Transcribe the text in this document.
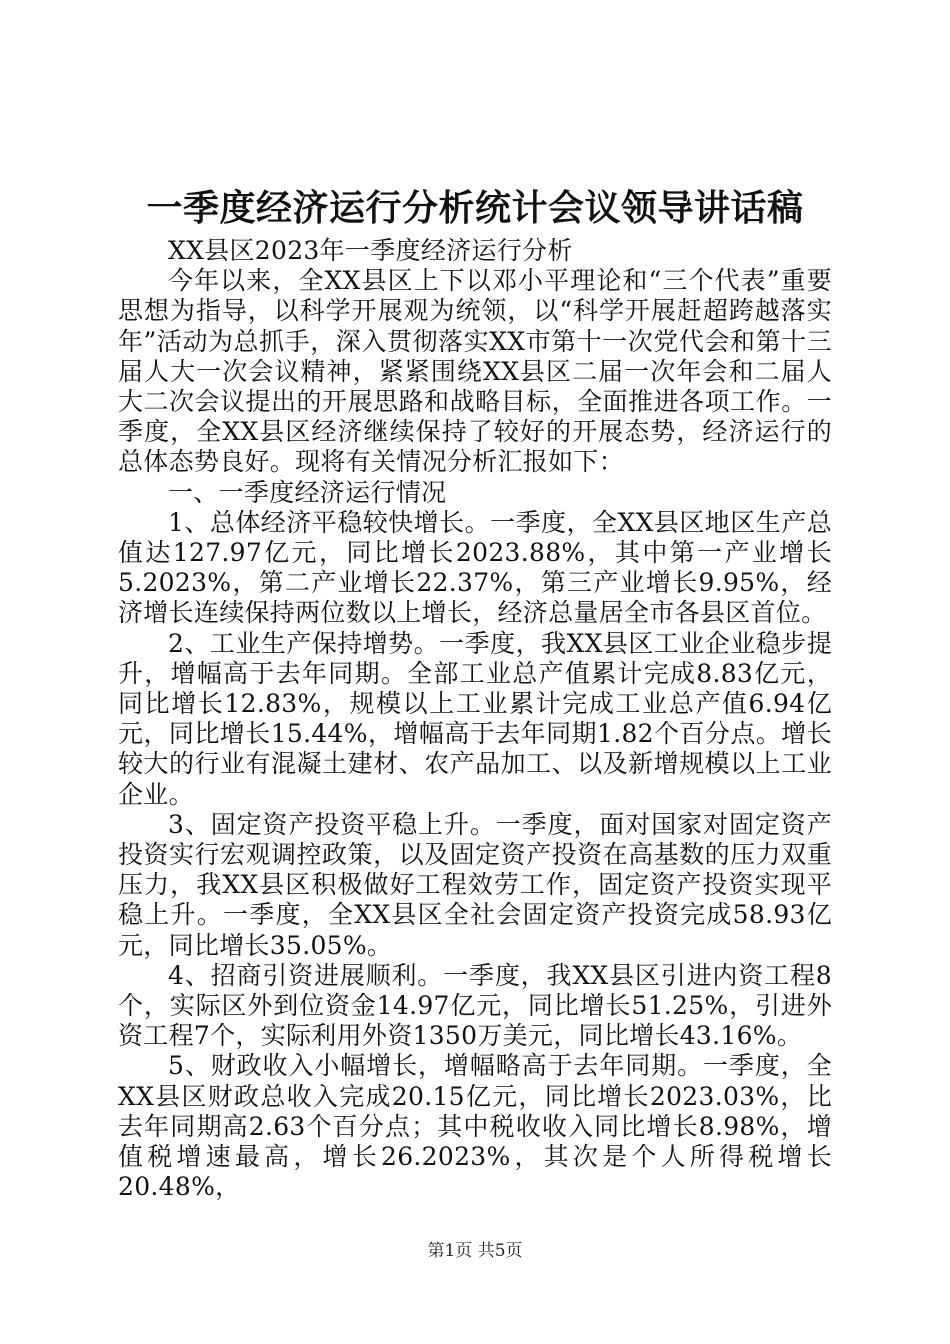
一季度经济运行分析统计会议领导讲话稿

XX县区2023年一季度经济运行分析

今年以来，全XX县区上下以邓小平理论和“三个代表”重要思想为指导，以科学开展观为统领，以“科学开展赶超跨越落实年”活动为总抓手，深入贯彻落实XX市第十一次党代会和第十三届人大一次会议精神，紧紧围绕XX县区二届一次年会和二届人大二次会议提出的开展思路和战略目标，全面推进各项工作。一季度，全XX县区经济继续保持了较好的开展态势，经济运行的总体态势良好。现将有关情况分析汇报如下：

一、一季度经济运行情况

1、总体经济平稳较快增长。一季度，全XX县区地区生产总值达127.97亿元，同比增长2023.88%，其中第一产业增长5.2023%，第二产业增长22.37%，第三产业增长9.95%，经济增长连续保持两位数以上增长，经济总量居全市各县区首位。

2、工业生产保持增势。一季度，我XX县区工业企业稳步提升，增幅高于去年同期。全部工业总产值累计完成8.83亿元，同比增长12.83%，规模以上工业累计完成工业总产值6.94亿元，同比增长15.44%，增幅高于去年同期1.82个百分点。增长较大的行业有混凝土建材、农产品加工、以及新增规模以上工业企业。

3、固定资产投资平稳上升。一季度，面对国家对固定资产投资实行宏观调控政策，以及固定资产投资在高基数的压力双重压力，我XX县区积极做好工程效劳工作，固定资产投资实现平稳上升。一季度，全XX县区全社会固定资产投资完成58.93亿元，同比增长35.05%。

4、招商引资进展顺利。一季度，我XX县区引进内资工程8个，实际区外到位资金14.97亿元，同比增长51.25%，引进外资工程7个，实际利用外资1350万美元，同比增长43.16%。

5、财政收入小幅增长，增幅略高于去年同期。一季度，全XX县区财政总收入完成20.15亿元，同比增长2023.03%，比去年同期高2.63个百分点；其中税收收入同比增长8.98%，增值税增速最高，增长26.2023%，其次是个人所得税增长20.48%，

第1页 共5页
